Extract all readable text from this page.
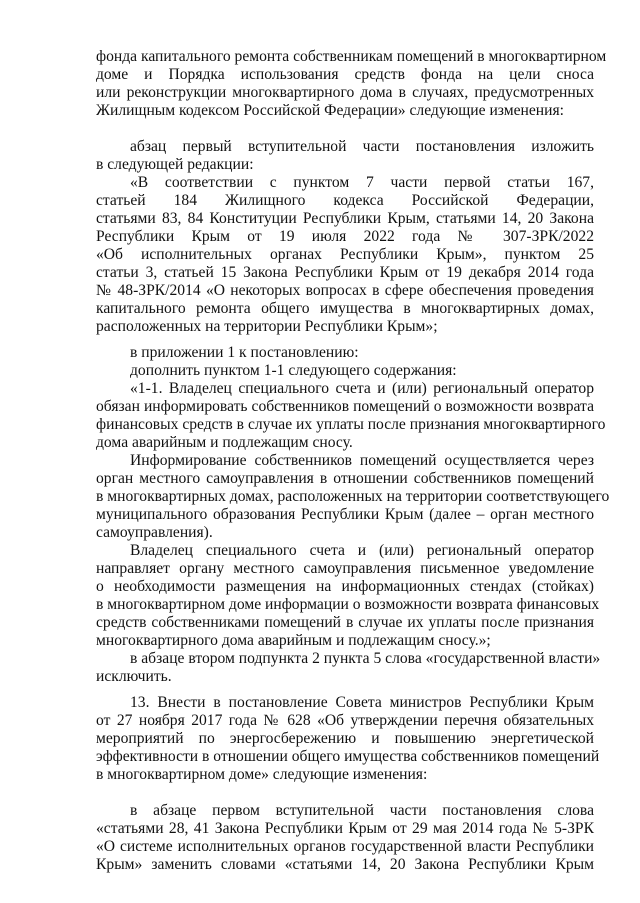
фонда капитального ремонта собственникам помещений в многоквартирном
доме и Порядка использования средств фонда на цели сноса
или реконструкции многоквартирного дома в случаях, предусмотренных
Жилищным кодексом Российской Федерации» следующие изменения:
абзац первый вступительной части постановления изложить
в следующей редакции:
«В соответствии с пунктом 7 части первой статьи 167,
статьей 184 Жилищного кодекса Российской Федерации,
статьями 83, 84 Конституции Республики Крым, статьями 14, 20 Закона
Республики Крым от 19 июля 2022 года № 307-ЗРК/2022
«Об исполнительных органах Республики Крым», пунктом 25
статьи 3, статьей 15 Закона Республики Крым от 19 декабря 2014 года
№ 48-ЗРК/2014 «О некоторых вопросах в сфере обеспечения проведения
капитального ремонта общего имущества в многоквартирных домах,
расположенных на территории Республики Крым»;
в приложении 1 к постановлению:
дополнить пунктом 1-1 следующего содержания:
«1-1. Владелец специального счета и (или) региональный оператор
обязан информировать собственников помещений о возможности возврата
финансовых средств в случае их уплаты после признания многоквартирного
дома аварийным и подлежащим сносу.
Информирование собственников помещений осуществляется через
орган местного самоуправления в отношении собственников помещений
в многоквартирных домах, расположенных на территории соответствующего
муниципального образования Республики Крым (далее – орган местного
самоуправления).
Владелец специального счета и (или) региональный оператор
направляет органу местного самоуправления письменное уведомление
о необходимости размещения на информационных стендах (стойках)
в многоквартирном доме информации о возможности возврата финансовых
средств собственниками помещений в случае их уплаты после признания
многоквартирного дома аварийным и подлежащим сносу.»;
в абзаце втором подпункта 2 пункта 5 слова «государственной власти»
исключить.
13. Внести в постановление Совета министров Республики Крым
от 27 ноября 2017 года № 628 «Об утверждении перечня обязательных
мероприятий по энергосбережению и повышению энергетической
эффективности в отношении общего имущества собственников помещений
в многоквартирном доме» следующие изменения:
в абзаце первом вступительной части постановления слова
«статьями 28, 41 Закона Республики Крым от 29 мая 2014 года № 5-ЗРК
«О системе исполнительных органов государственной власти Республики
Крым» заменить словами «статьями 14, 20 Закона Республики Крым
